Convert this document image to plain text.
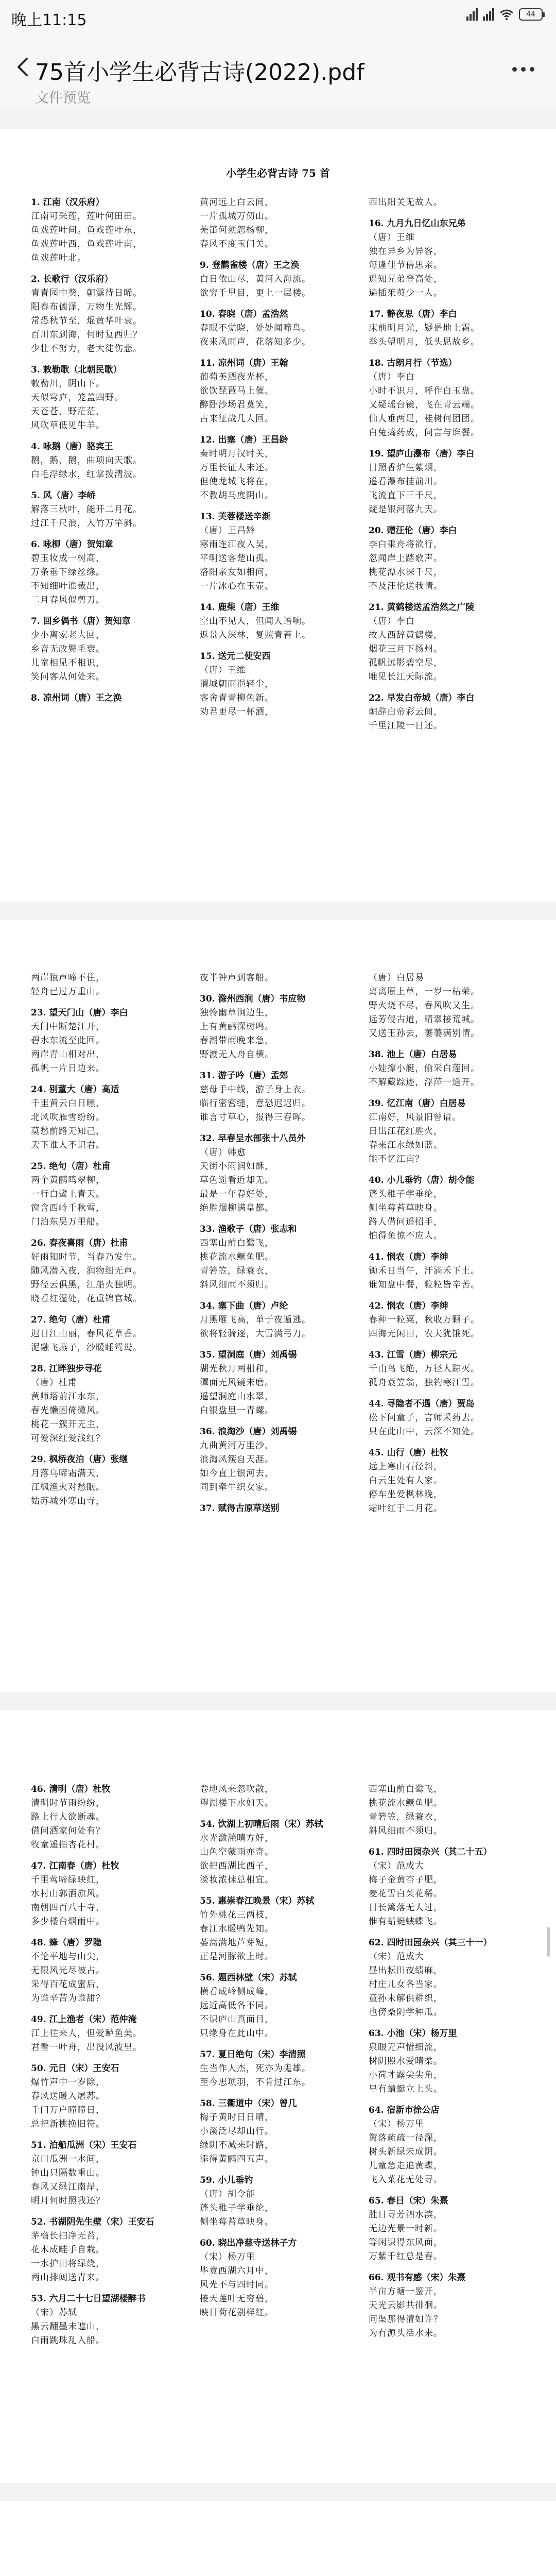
晚上11:15	44
75首小学生必背古诗(2022).pdf
文件预览
小学生必背古诗 75 首
1. 江南（汉乐府）
江南可采莲，莲叶何田田。
鱼戏莲叶间。鱼戏莲叶东，
鱼戏莲叶西，鱼戏莲叶南，
鱼戏莲叶北。
2. 长歌行（汉乐府）
青青园中葵，朝露待日晞。
阳春布德泽，万物生光辉。
常恐秋节至，焜黄华叶衰。
百川东到海，何时复西归？
少壮不努力，老大徒伤悲。
3. 敕勒歌（北朝民歌）
敕勒川，阴山下。
天似穹庐，笼盖四野。
天苍苍，野茫茫，
风吹草低见牛羊。
4. 咏鹅（唐）骆宾王
鹅，鹅，鹅，曲项向天歌。
白毛浮绿水，红掌拨清波。
5. 风（唐）李峤
解落三秋叶，能开二月花。
过江千尺浪，入竹万竿斜。
6. 咏柳（唐）贺知章
碧玉妆成一树高，
万条垂下绿丝绦。
不知细叶谁裁出，
二月春风似剪刀。
7. 回乡偶书（唐）贺知章
少小离家老大回，
乡音无改鬓毛衰。
儿童相见不相识，
笑问客从何处来。
8. 凉州词（唐）王之涣
黄河远上白云间，
一片孤城万仞山。
羌笛何须怨杨柳，
春风不度玉门关。
9. 登鹳雀楼（唐）王之涣
白日依山尽，黄河入海流。
欲穷千里目，更上一层楼。
10. 春晓（唐）孟浩然
春眠不觉晓，处处闻啼鸟。
夜来风雨声，花落知多少。
11. 凉州词（唐）王翰
葡萄美酒夜光杯，
欲饮琵琶马上催。
醉卧沙场君莫笑，
古来征战几人回。
12. 出塞（唐）王昌龄
秦时明月汉时关，
万里长征人未还。
但使龙城飞将在，
不教胡马度阴山。
13. 芙蓉楼送辛渐
（唐）王昌龄
寒雨连江夜入吴，
平明送客楚山孤。
洛阳亲友如相问，
一片冰心在玉壶。
14. 鹿柴（唐）王维
空山不见人，但闻人语响。
返景入深林，复照青苔上。
15. 送元二使安西
（唐）王维
渭城朝雨浥轻尘，
客舍青青柳色新。
劝君更尽一杯酒，
西出阳关无故人。
16. 九月九日忆山东兄弟
（唐）王维
独在异乡为异客，
每逢佳节倍思亲。
遥知兄弟登高处，
遍插茱萸少一人。
17. 静夜思（唐）李白
床前明月光，疑是地上霜。
举头望明月，低头思故乡。
18. 古朗月行（节选）
（唐）李白
小时不识月，呼作白玉盘。
又疑瑶台镜，飞在青云端。
仙人垂两足，桂树何团团。
白兔捣药成，问言与谁餐。
19. 望庐山瀑布（唐）李白
日照香炉生紫烟，
遥看瀑布挂前川。
飞流直下三千尺，
疑是银河落九天。
20. 赠汪伦（唐）李白
李白乘舟将欲行，
忽闻岸上踏歌声。
桃花潭水深千尺，
不及汪伦送我情。
21. 黄鹤楼送孟浩然之广陵
（唐）李白
故人西辞黄鹤楼，
烟花三月下扬州。
孤帆远影碧空尽，
唯见长江天际流。
22. 早发白帝城（唐）李白
朝辞白帝彩云间，
千里江陵一日还。
两岸猿声啼不住，
轻舟已过万重山。
23. 望天门山（唐）李白
天门中断楚江开，
碧水东流至此回。
两岸青山相对出，
孤帆一片日边来。
24. 别董大（唐）高适
千里黄云白日曛，
北风吹雁雪纷纷。
莫愁前路无知己，
天下谁人不识君。
25. 绝句（唐）杜甫
两个黄鹂鸣翠柳，
一行白鹭上青天。
窗含西岭千秋雪，
门泊东吴万里船。
26. 春夜喜雨（唐）杜甫
好雨知时节，当春乃发生。
随风潜入夜，润物细无声。
野径云俱黑，江船火独明。
晓看红湿处，花重锦官城。
27. 绝句（唐）杜甫
迟日江山丽，春风花草香。
泥融飞燕子，沙暖睡鸳鸯。
28. 江畔独步寻花
（唐）杜甫
黄师塔前江水东，
春光懒困倚微风。
桃花一簇开无主，
可爱深红爱浅红？
29. 枫桥夜泊（唐）张继
月落乌啼霜满天，
江枫渔火对愁眠。
姑苏城外寒山寺，
夜半钟声到客船。
30. 滁州西涧（唐）韦应物
独怜幽草涧边生，
上有黄鹂深树鸣。
春潮带雨晚来急，
野渡无人舟自横。
31. 游子吟（唐）孟郊
慈母手中线，游子身上衣。
临行密密缝，意恐迟迟归。
谁言寸草心，报得三春晖。
32. 早春呈水部张十八员外
（唐）韩愈
天街小雨润如酥，
草色遥看近却无。
最是一年春好处，
绝胜烟柳满皇都。
33. 渔歌子（唐）张志和
西塞山前白鹭飞，
桃花流水鳜鱼肥。
青箬笠，绿蓑衣，
斜风细雨不须归。
34. 塞下曲（唐）卢纶
月黑雁飞高，单于夜遁逃。
欲将轻骑逐，大雪满弓刀。
35. 望洞庭（唐）刘禹锡
湖光秋月两相和，
潭面无风镜未磨。
遥望洞庭山水翠，
白银盘里一青螺。
36. 浪淘沙（唐）刘禹锡
九曲黄河万里沙，
浪淘风簸自天涯。
如今直上银河去，
同到牵牛织女家。
37. 赋得古原草送别
（唐）白居易
离离原上草，一岁一枯荣。
野火烧不尽，春风吹又生。
远芳侵古道，晴翠接荒城。
又送王孙去，萋萋满别情。
38. 池上（唐）白居易
小娃撑小艇，偷采白莲回。
不解藏踪迹，浮萍一道开。
39. 忆江南（唐）白居易
江南好，风景旧曾谙。
日出江花红胜火，
春来江水绿如蓝。
能不忆江南？
40. 小儿垂钓（唐）胡令能
蓬头稚子学垂纶，
侧坐莓苔草映身。
路人借问遥招手，
怕得鱼惊不应人。
41. 悯农（唐）李绅
锄禾日当午，汗滴禾下土。
谁知盘中餐，粒粒皆辛苦。
42. 悯农（唐）李绅
春种一粒粟，秋收万颗子。
四海无闲田，农夫犹饿死。
43. 江雪（唐）柳宗元
千山鸟飞绝，万径人踪灭。
孤舟蓑笠翁，独钓寒江雪。
44. 寻隐者不遇（唐）贾岛
松下问童子，言师采药去。
只在此山中，云深不知处。
45. 山行（唐）杜牧
远上寒山石径斜，
白云生处有人家。
停车坐爱枫林晚，
霜叶红于二月花。
46. 清明（唐）杜牧
清明时节雨纷纷，
路上行人欲断魂。
借问酒家何处有？
牧童遥指杏花村。
47. 江南春（唐）杜牧
千里莺啼绿映红，
水村山郭酒旗风。
南朝四百八十寺，
多少楼台烟雨中。
48. 蜂（唐）罗隐
不论平地与山尖，
无限风光尽被占。
采得百花成蜜后，
为谁辛苦为谁甜？
49. 江上渔者（宋）范仲淹
江上往来人，但爱鲈鱼美。
君看一叶舟，出没风波里。
50. 元日（宋）王安石
爆竹声中一岁除，
春风送暖入屠苏。
千门万户曈曈日，
总把新桃换旧符。
51. 泊船瓜洲（宋）王安石
京口瓜洲一水间，
钟山只隔数重山。
春风又绿江南岸，
明月何时照我还？
52. 书湖阴先生壁（宋）王安石
茅檐长扫净无苔，
花木成畦手自栽。
一水护田将绿绕，
两山排闼送青来。
53. 六月二十七日望湖楼醉书
（宋）苏轼
黑云翻墨未遮山，
白雨跳珠乱入船。
卷地风来忽吹散，
望湖楼下水如天。
54. 饮湖上初晴后雨（宋）苏轼
水光潋滟晴方好，
山色空蒙雨亦奇。
欲把西湖比西子，
淡妆浓抹总相宜。
55. 惠崇春江晚景（宋）苏轼
竹外桃花三两枝，
春江水暖鸭先知。
蒌蒿满地芦芽短，
正是河豚欲上时。
56. 题西林壁（宋）苏轼
横看成岭侧成峰，
远近高低各不同。
不识庐山真面目，
只缘身在此山中。
57. 夏日绝句（宋）李清照
生当作人杰，死亦为鬼雄。
至今思项羽，不肯过江东。
58. 三衢道中（宋）曾几
梅子黄时日日晴，
小溪泛尽却山行。
绿阴不减来时路，
添得黄鹂四五声。
59. 小儿垂钓
（唐）胡令能
蓬头稚子学垂纶，
侧坐莓苔草映身。
60. 晓出净慈寺送林子方
（宋）杨万里
毕竟西湖六月中，
风光不与四时同。
接天莲叶无穷碧，
映日荷花别样红。
西塞山前白鹭飞，
桃花流水鳜鱼肥。
青箬笠，绿蓑衣，
斜风细雨不须归。
61. 四时田园杂兴（其二十五）
（宋）范成大
梅子金黄杏子肥，
麦花雪白菜花稀。
日长篱落无人过，
惟有蜻蜓蛱蝶飞。
62. 四时田园杂兴（其三十一）
（宋）范成大
昼出耘田夜绩麻，
村庄儿女各当家。
童孙未解供耕织，
也傍桑阴学种瓜。
63. 小池（宋）杨万里
泉眼无声惜细流，
树阴照水爱晴柔。
小荷才露尖尖角，
早有蜻蜓立上头。
64. 宿新市徐公店
（宋）杨万里
篱落疏疏一径深，
树头新绿未成阴。
儿童急走追黄蝶，
飞入菜花无处寻。
65. 春日（宋）朱熹
胜日寻芳泗水滨，
无边光景一时新。
等闲识得东风面，
万紫千红总是春。
66. 观书有感（宋）朱熹
半亩方塘一鉴开，
天光云影共徘徊。
问渠那得清如许？
为有源头活水来。
